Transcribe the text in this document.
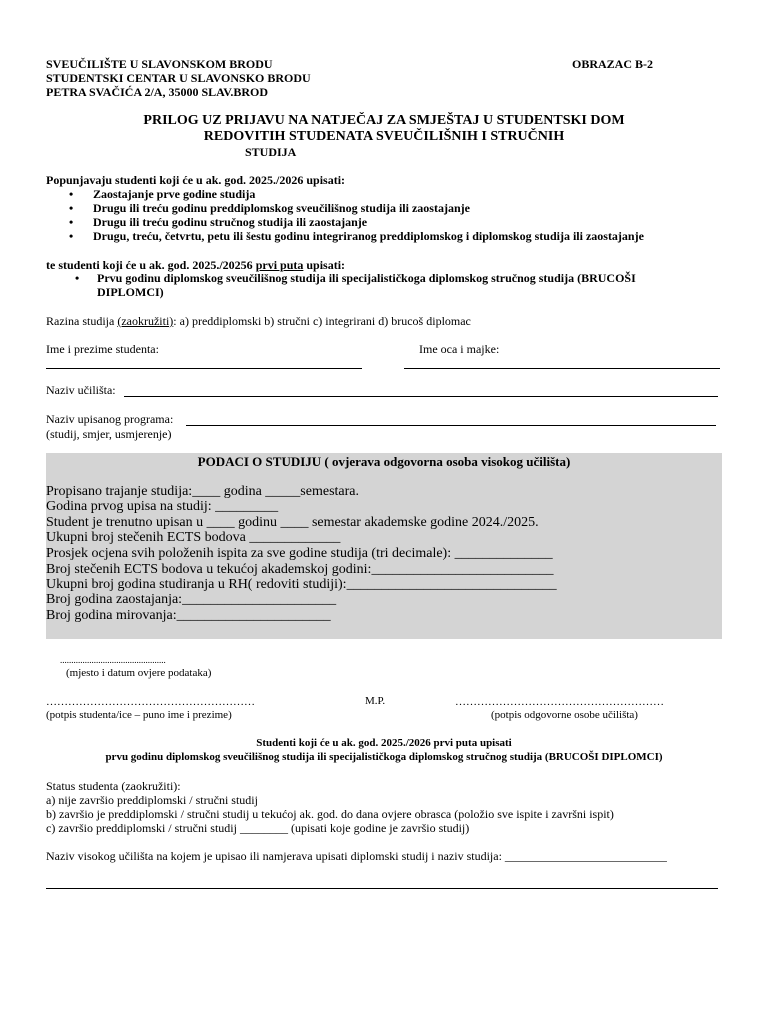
SVEUČILIŠTE U SLAVONSKOM BRODU
STUDENTSKI CENTAR U SLAVONSKO BRODU
PETRA SVAČIĆA 2/A, 35000 SLAV.BROD
OBRAZAC B-2
PRILOG UZ PRIJAVU NA NATJEČAJ ZA SMJEŠTAJ U STUDENTSKI DOM
REDOVITIH STUDENATA SVEUČILIŠNIH I STRUČNIH
STUDIJA
Popunjavaju studenti koji će u ak. god. 2025./2026 upisati:
• Zaostajanje prve godine studija
• Drugu ili treću godinu preddiplomskog sveučilišnog studija ili zaostajanje
• Drugu ili treću godinu stručnog studija ili zaostajanje
• Drugu, treću, četvrtu, petu ili šestu godinu integriranog preddiplomskog i diplomskog studija ili zaostajanje
te studenti koji će u ak. god. 2025./20256 prvi puta upisati:
• Prvu godinu diplomskog sveučilišnog studija ili specijalističkoga diplomskog stručnog studija (BRUCOŠI
DIPLOMCI)
Razina studija (zaokružiti): a) preddiplomski b) stručni c) integrirani d) brucoš diplomac
Ime i prezime studenta:	Ime oca i majke:
Naziv učilišta:
Naziv upisanog programa:
(studij, smjer, usmjerenje)
PODACI O STUDIJU ( ovjerava odgovorna osoba visokog učilišta)
Propisano trajanje studija:____ godina _____semestara.
Godina prvog upisa na studij: _________
Student je trenutno upisan u ____ godinu ____ semestar akademske godine 2024./2025.
Ukupni broj stečenih ECTS bodova _____________
Prosjek ocjena svih položenih ispita za sve godine studija (tri decimale): ______________
Broj stečenih ECTS bodova u tekućoj akademskoj godini:__________________________
Ukupni broj godina studiranja u RH( redoviti studiji):______________________________
Broj godina zaostajanja:______________________
Broj godina mirovanja:______________________
...............................................
(mjesto i datum ovjere podataka)
…………………………………………………	M.P.	…………………………………………………
(potpis studenta/ice – puno ime i prezime)	(potpis odgovorne osobe učilišta)
Studenti koji će u ak. god. 2025./2026 prvi puta upisati
prvu godinu diplomskog sveučilišnog studija ili specijalističkoga diplomskog stručnog studija (BRUCOŠI DIPLOMCI)
Status studenta (zaokružiti):
a) nije završio preddiplomski / stručni studij
b) završio je preddiplomski / stručni studij u tekućoj ak. god. do dana ovjere obrasca (položio sve ispite i završni ispit)
c) završio preddiplomski / stručni studij ________ (upisati koje godine je završio studij)
Naziv visokog učilišta na kojem je upisao ili namjerava upisati diplomski studij i naziv studija: ___________________________
